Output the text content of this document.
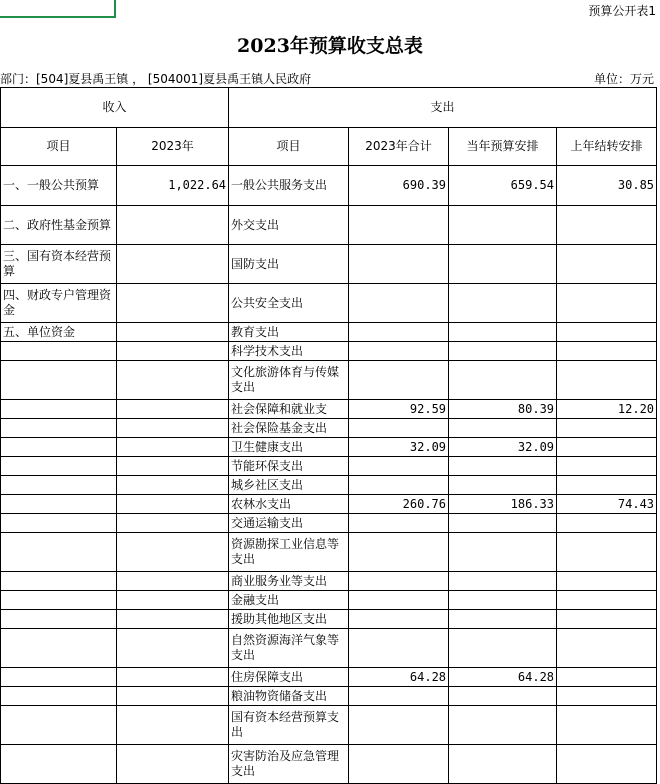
预算公开表1
2023年预算收支总表
部门：[504]夏县禹王镇 ， [504001]夏县禹王镇人民政府	单位：万元
收入		支出			
项目	2023年	项目	2023年合计	当年预算安排	上年结转安排
一、一般公共预算	1,022.64	一般公共服务支出	690.39	659.54	30.85
二、政府性基金预算		外交支出			
三、国有资本经营预算		国防支出			
四、财政专户管理资金		公共安全支出			
五、单位资金		教育支出			
		科学技术支出			
		文化旅游体育与传媒支出			
		社会保障和就业支	92.59	80.39	12.20
		社会保险基金支出			
		卫生健康支出	32.09	32.09	
		节能环保支出			
		城乡社区支出			
		农林水支出	260.76	186.33	74.43
		交通运输支出			
		资源勘探工业信息等支出			
		商业服务业等支出			
		金融支出			
		援助其他地区支出			
		自然资源海洋气象等支出			
		住房保障支出	64.28	64.28	
		粮油物资储备支出			
		国有资本经营预算支出			
		灾害防治及应急管理支出			
